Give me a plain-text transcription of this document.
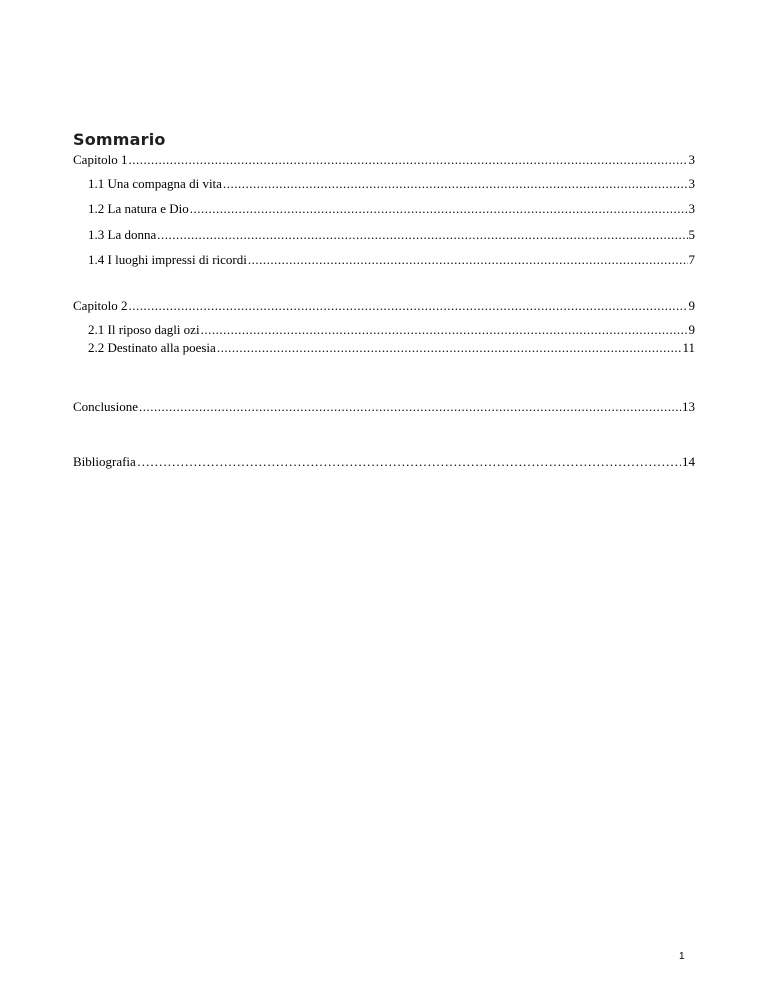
Sommario
Capitolo 1 .....	3
1.1 Una compagna di vita .....	3
1.2 La natura e Dio .....	3
1.3 La donna .....	5
1.4 I luoghi impressi di ricordi .....	7
Capitolo 2 .....	9
2.1 Il riposo dagli ozi .....	9
2.2 Destinato alla poesia .....	11
Conclusione .....	13
Bibliografia …………………………………………………………………………………………………………………………………………………………	14
1
